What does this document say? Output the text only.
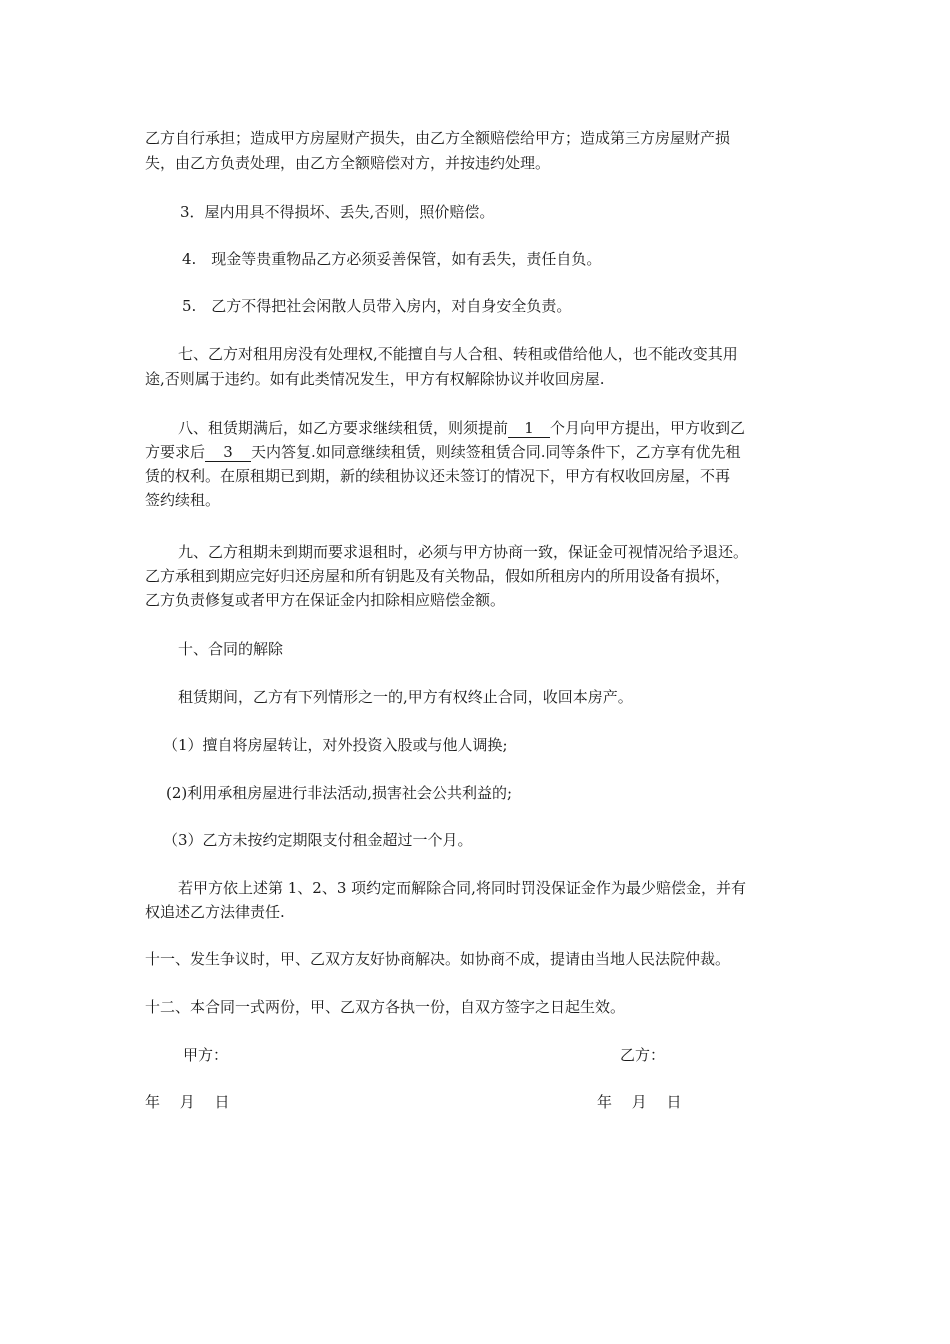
乙方自行承担；造成甲方房屋财产损失，由乙方全额赔偿给甲方；造成第三方房屋财产损

失，由乙方负责处理，由乙方全额赔偿对方，并按违约处理。

3．屋内用具不得损坏、丢失,否则，照价赔偿。

4.　现金等贵重物品乙方必须妥善保管，如有丢失，责任自负。

5.　乙方不得把社会闲散人员带入房内，对自身安全负责。

七、乙方对租用房没有处理权,不能擅自与人合租、转租或借给他人，也不能改变其用

途,否则属于违约。如有此类情况发生，甲方有权解除协议并收回房屋.

八、租赁期满后，如乙方要求继续租赁，则须提前 1 个月向甲方提出，甲方收到乙

方要求后 3 天内答复.如同意继续租赁，则续签租赁合同.同等条件下，乙方享有优先租

赁的权利。在原租期已到期，新的续租协议还未签订的情况下，甲方有权收回房屋，不再

签约续租。

九、乙方租期未到期而要求退租时，必须与甲方协商一致，保证金可视情况给予退还。

乙方承租到期应完好归还房屋和所有钥匙及有关物品，假如所租房内的所用设备有损坏，

乙方负责修复或者甲方在保证金内扣除相应赔偿金额。

十、合同的解除

租赁期间，乙方有下列情形之一的,甲方有权终止合同，收回本房产。

（1）擅自将房屋转让，对外投资入股或与他人调换;

(2)利用承租房屋进行非法活动,损害社会公共利益的;

（3）乙方未按约定期限支付租金超过一个月。

若甲方依上述第 1、2、3 项约定而解除合同,将同时罚没保证金作为最少赔偿金，并有

权追述乙方法律责任.

十一、发生争议时，甲、乙双方友好协商解决。如协商不成，提请由当地人民法院仲裁。

十二、本合同一式两份，甲、乙双方各执一份，自双方签字之日起生效。

甲方：	乙方：

年　 月　 日	年　 月　 日
